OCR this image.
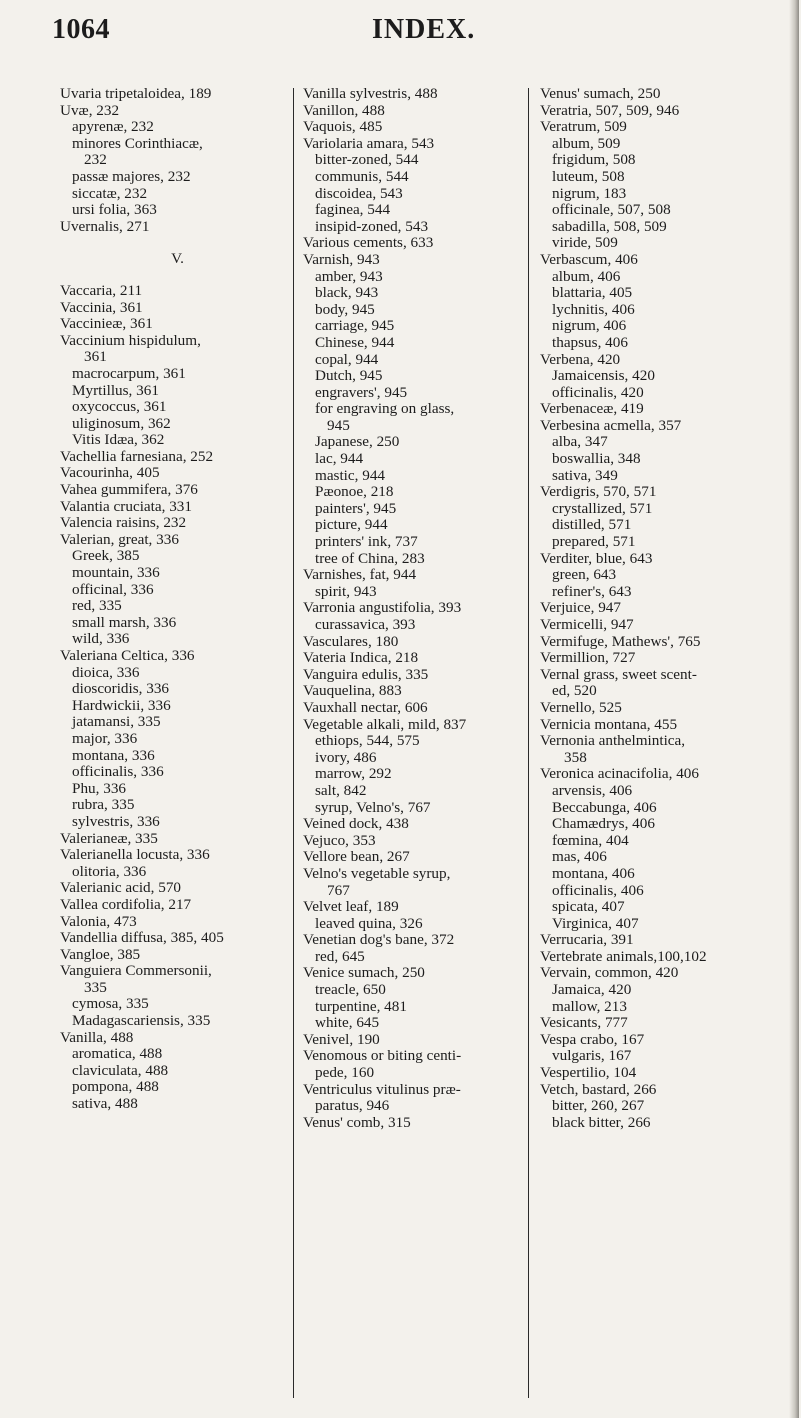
1064	INDEX.
Uvaria tripetaloidea, 189
Uvæ, 232
apyrenæ, 232
minores Corinthiacæ,
232
passæ majores, 232
siccatæ, 232
ursi folia, 363
Uvernalis, 271
V.
Vaccaria, 211
Vaccinia, 361
Vaccinieæ, 361
Vaccinium hispidulum,
361
macrocarpum, 361
Myrtillus, 361
oxycoccus, 361
uliginosum, 362
Vitis Idæa, 362
Vachellia farnesiana, 252
Vacourinha, 405
Vahea gummifera, 376
Valantia cruciata, 331
Valencia raisins, 232
Valerian, great, 336
Greek, 385
mountain, 336
officinal, 336
red, 335
small marsh, 336
wild, 336
Valeriana Celtica, 336
dioica, 336
dioscoridis, 336
Hardwickii, 336
jatamansi, 335
major, 336
montana, 336
officinalis, 336
Phu, 336
rubra, 335
sylvestris, 336
Valerianeæ, 335
Valerianella locusta, 336
olitoria, 336
Valerianic acid, 570
Vallea cordifolia, 217
Valonia, 473
Vandellia diffusa, 385, 405
Vangloe, 385
Vanguiera Commersonii,
335
cymosa, 335
Madagascariensis, 335
Vanilla, 488
aromatica, 488
claviculata, 488
pompona, 488
sativa, 488
Vanilla sylvestris, 488
Vanillon, 488
Vaquois, 485
Variolaria amara, 543
bitter-zoned, 544
communis, 544
discoidea, 543
faginea, 544
insipid-zoned, 543
Various cements, 633
Varnish, 943
amber, 943
black, 943
body, 945
carriage, 945
Chinese, 944
copal, 944
Dutch, 945
engravers', 945
for engraving on glass,
945
Japanese, 250
lac, 944
mastic, 944
Pæonoe, 218
painters', 945
picture, 944
printers' ink, 737
tree of China, 283
Varnishes, fat, 944
spirit, 943
Varronia angustifolia, 393
curassavica, 393
Vasculares, 180
Vateria Indica, 218
Vanguira edulis, 335
Vauquelina, 883
Vauxhall nectar, 606
Vegetable alkali, mild, 837
ethiops, 544, 575
ivory, 486
marrow, 292
salt, 842
syrup, Velno's, 767
Veined dock, 438
Vejuco, 353
Vellore bean, 267
Velno's vegetable syrup,
767
Velvet leaf, 189
leaved quina, 326
Venetian dog's bane, 372
red, 645
Venice sumach, 250
treacle, 650
turpentine, 481
white, 645
Venivel, 190
Venomous or biting centi-
pede, 160
Ventriculus vitulinus præ-
paratus, 946
Venus' comb, 315
Venus' sumach, 250
Veratria, 507, 509, 946
Veratrum, 509
album, 509
frigidum, 508
luteum, 508
nigrum, 183
officinale, 507, 508
sabadilla, 508, 509
viride, 509
Verbascum, 406
album, 406
blattaria, 405
lychnitis, 406
nigrum, 406
thapsus, 406
Verbena, 420
Jamaicensis, 420
officinalis, 420
Verbenaceæ, 419
Verbesina acmella, 357
alba, 347
boswallia, 348
sativa, 349
Verdigris, 570, 571
crystallized, 571
distilled, 571
prepared, 571
Verditer, blue, 643
green, 643
refiner's, 643
Verjuice, 947
Vermicelli, 947
Vermifuge, Mathews', 765
Vermillion, 727
Vernal grass, sweet scent-
ed, 520
Vernello, 525
Vernicia montana, 455
Vernonia anthelmintica,
358
Veronica acinacifolia, 406
arvensis, 406
Beccabunga, 406
Chamædrys, 406
fœmina, 404
mas, 406
montana, 406
officinalis, 406
spicata, 407
Virginica, 407
Verrucaria, 391
Vertebrate animals,100,102
Vervain, common, 420
Jamaica, 420
mallow, 213
Vesicants, 777
Vespa crabo, 167
vulgaris, 167
Vespertilio, 104
Vetch, bastard, 266
bitter, 260, 267
black bitter, 266
